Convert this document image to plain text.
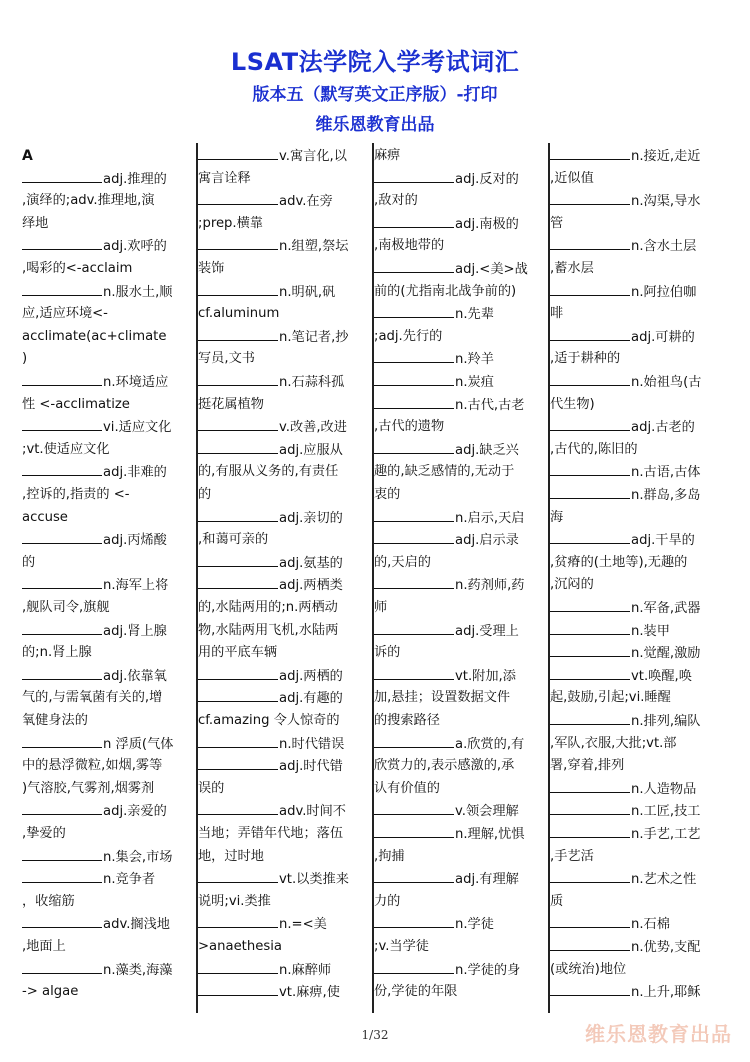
LSAT法学院入学考试词汇
版本五（默写英文正序版）-打印
维乐恩教育出品
A
adj.推理的
,演绎的;adv.推理地,演
绎地
adj.欢呼的
,喝彩的<-acclaim
n.服水土,顺
应,适应环境<-
acclimate(ac+climate
)
n.环境适应
性 <-acclimatize
vi.适应文化
;vt.使适应文化
adj.非难的
,控诉的,指责的 <-
accuse
adj.丙烯酸
的
n.海军上将
,舰队司令,旗舰
adj.肾上腺
的;n.肾上腺
adj.依靠氧
气的,与需氧菌有关的,增
氧健身法的
n 浮质(气体
中的悬浮微粒,如烟,雾等
)气溶胶,气雾剂,烟雾剂
adj.亲爱的
,挚爱的
n.集会,市场
n.竞争者
，收缩筋
adv.搁浅地
,地面上
n.藻类,海藻
-> algae
v.寓言化,以
寓言诠释
adv.在旁
;prep.横靠
n.组塑,祭坛
装饰
n.明矾,矾
cf.aluminum
n.笔记者,抄
写员,文书
n.石蒜科孤
挺花属植物
v.改善,改进
adj.应服从
的,有服从义务的,有责任
的
adj.亲切的
,和蔼可亲的
adj.氨基的
adj.两栖类
的,水陆两用的;n.两栖动
物,水陆两用飞机,水陆两
用的平底车辆
adj.两栖的
adj.有趣的
cf.amazing 令人惊奇的
n.时代错误
adj.时代错
误的
adv.时间不
当地；弄错年代地；落伍
地，过时地
vt.以类推来
说明;vi.类推
n.=<美
>anaethesia
n.麻醉师
vt.麻痹,使
麻痹
adj.反对的
,敌对的
adj.南极的
,南极地带的
adj.<美>战
前的(尤指南北战争前的)
n.先辈
;adj.先行的
n.羚羊
n.炭疽
n.古代,古老
,古代的遗物
adj.缺乏兴
趣的,缺乏感情的,无动于
衷的
n.启示,天启
adj.启示录
的,天启的
n.药剂师,药
师
adj.受理上
诉的
vt.附加,添
加,悬挂；设置数据文件
的搜索路径
a.欣赏的,有
欣赏力的,表示感激的,承
认有价值的
v.领会理解
n.理解,忧惧
,拘捕
adj.有理解
力的
n.学徒
;v.当学徒
n.学徒的身
份,学徒的年限
n.接近,走近
,近似值
n.沟渠,导水
管
n.含水土层
,蓄水层
n.阿拉伯咖
啡
adj.可耕的
,适于耕种的
n.始祖鸟(古
代生物)
adj.古老的
,古代的,陈旧的
n.古语,古体
n.群岛,多岛
海
adj.干旱的
,贫瘠的(土地等),无趣的
,沉闷的
n.军备,武器
n.装甲
n.觉醒,激励
vt.唤醒,唤
起,鼓励,引起;vi.睡醒
n.排列,编队
,军队,衣服,大批;vt.部
署,穿着,排列
n.人造物品
n.工匠,技工
n.手艺,工艺
,手艺活
n.艺术之性
质
n.石棉
n.优势,支配
(或统治)地位
n.上升,耶稣
1/32	维乐恩教育出品
